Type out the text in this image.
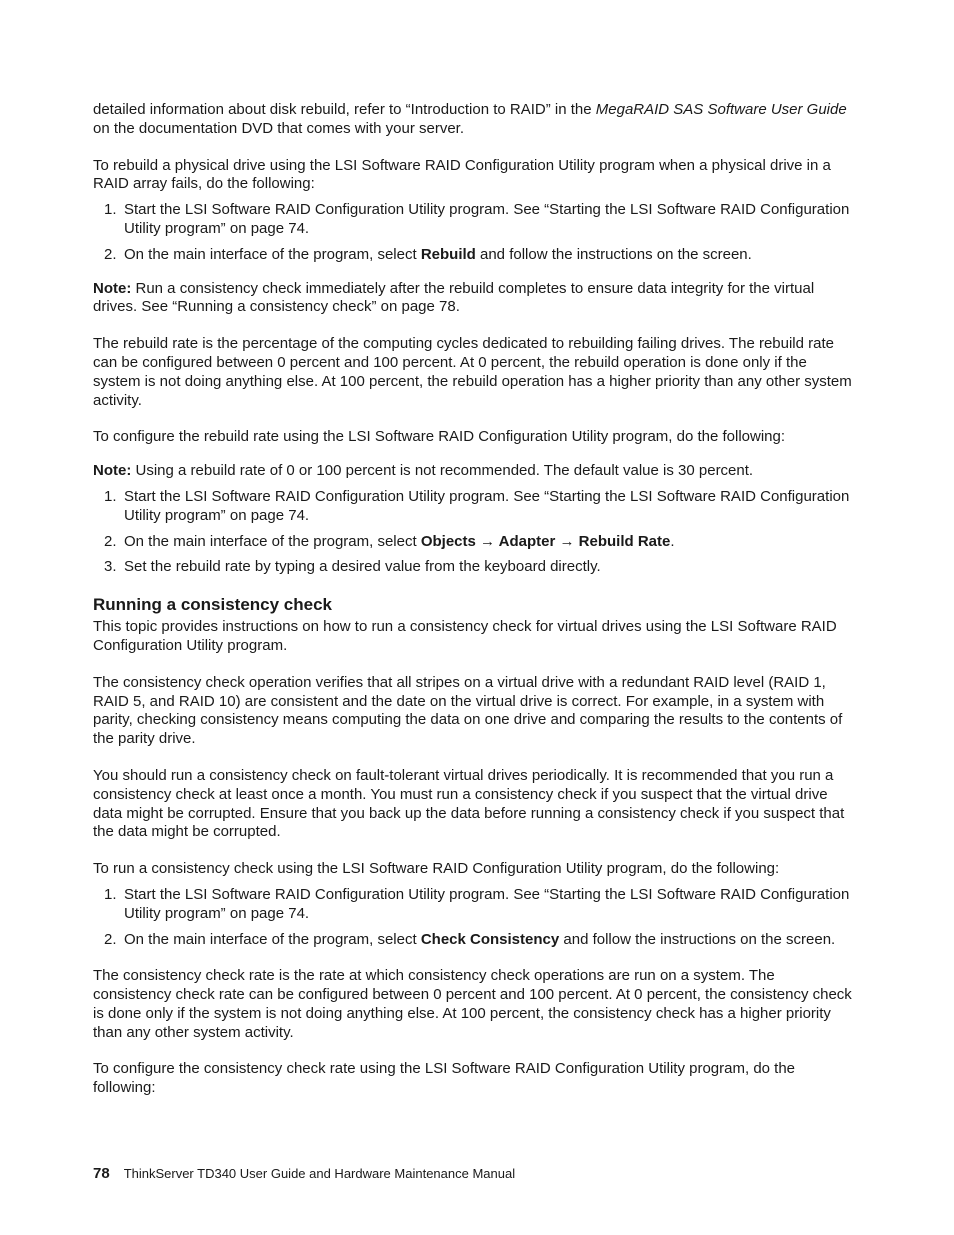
detailed information about disk rebuild, refer to “Introduction to RAID” in the MegaRAID SAS Software User Guide on the documentation DVD that comes with your server.

To rebuild a physical drive using the LSI Software RAID Configuration Utility program when a physical drive in a RAID array fails, do the following:

1. Start the LSI Software RAID Configuration Utility program. See “Starting the LSI Software RAID Configuration Utility program” on page 74.
2. On the main interface of the program, select Rebuild and follow the instructions on the screen.

Note: Run a consistency check immediately after the rebuild completes to ensure data integrity for the virtual drives. See “Running a consistency check” on page 78.

The rebuild rate is the percentage of the computing cycles dedicated to rebuilding failing drives. The rebuild rate can be configured between 0 percent and 100 percent. At 0 percent, the rebuild operation is done only if the system is not doing anything else. At 100 percent, the rebuild operation has a higher priority than any other system activity.

To configure the rebuild rate using the LSI Software RAID Configuration Utility program, do the following:

Note: Using a rebuild rate of 0 or 100 percent is not recommended. The default value is 30 percent.

1. Start the LSI Software RAID Configuration Utility program. See “Starting the LSI Software RAID Configuration Utility program” on page 74.
2. On the main interface of the program, select Objects → Adapter → Rebuild Rate.
3. Set the rebuild rate by typing a desired value from the keyboard directly.
Running a consistency check

This topic provides instructions on how to run a consistency check for virtual drives using the LSI Software RAID Configuration Utility program.

The consistency check operation verifies that all stripes on a virtual drive with a redundant RAID level (RAID 1, RAID 5, and RAID 10) are consistent and the date on the virtual drive is correct. For example, in a system with parity, checking consistency means computing the data on one drive and comparing the results to the contents of the parity drive.

You should run a consistency check on fault-tolerant virtual drives periodically. It is recommended that you run a consistency check at least once a month. You must run a consistency check if you suspect that the virtual drive data might be corrupted. Ensure that you back up the data before running a consistency check if you suspect that the data might be corrupted.

To run a consistency check using the LSI Software RAID Configuration Utility program, do the following:

1. Start the LSI Software RAID Configuration Utility program. See “Starting the LSI Software RAID Configuration Utility program” on page 74.
2. On the main interface of the program, select Check Consistency and follow the instructions on the screen.

The consistency check rate is the rate at which consistency check operations are run on a system. The consistency check rate can be configured between 0 percent and 100 percent. At 0 percent, the consistency check is done only if the system is not doing anything else. At 100 percent, the consistency check has a higher priority than any other system activity.

To configure the consistency check rate using the LSI Software RAID Configuration Utility program, do the following:

78 ThinkServer TD340 User Guide and Hardware Maintenance Manual
